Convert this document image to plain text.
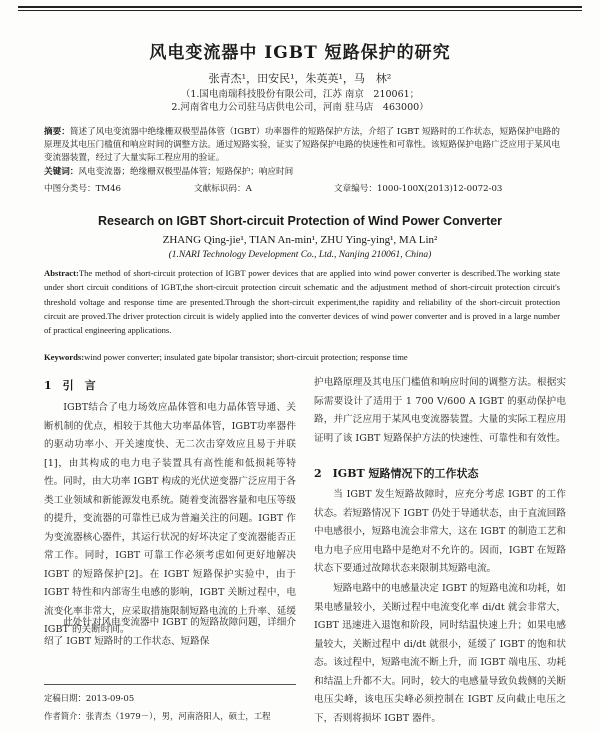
风电变流器中 IGBT 短路保护的研究
张青杰¹，田安民¹，朱英英¹，马　林²
（1.国电南瑞科技股份有限公司，江苏 南京　210061；
2.河南省电力公司驻马店供电公司，河南 驻马店　463000）
摘要：简述了风电变流器中绝缘栅双极型晶体管（IGBT）功率器件的短路保护方法，介绍了 IGBT 短路时的工作状态，短路保护电路的原理及其电压门槛值和响应时间的调整方法。通过短路实验，证实了短路保护电路的快速性和可靠性。该短路保护电路广泛应用于某风电变流器装置，经过了大量实际工程应用的验证。
关键词：风电变流器；绝缘栅双极型晶体管；短路保护；响应时间
中图分类号：TM46	文献标识码：A	文章编号：1000-100X(2013)12-0072-03
Research on IGBT Short-circuit Protection of Wind Power Converter
ZHANG Qing-jie¹, TIAN An-min¹, ZHU Ying-ying¹, MA Lin²
(1.NARI Technology Development Co., Ltd., Nanjing 210061, China)
Abstract:The method of short-circuit protection of IGBT power devices that are applied into wind power converter is described.The working state under short circuit conditions of IGBT,the short-circuit protection circuit schematic and the adjustment method of short-circuit protection circuit's threshold voltage and response time are presented.Through the short-circuit experiment,the rapidity and reliability of the short-circuit protection circuit are proved.The driver protection circuit is widely applied into the converter devices of wind power converter and is proved in a large number of practical engineering applications.
Keywords:wind power converter; insulated gate bipolar transistor; short-circuit protection; response time
1　引　言
IGBT结合了电力场效应晶体管和电力晶体管导通、关断机制的优点，相较于其他大功率晶体管，IGBT功率器件的驱动功率小、开关速度快、无二次击穿效应且易于并联[1]，由其构成的电力电子装置具有高性能和低损耗等特性。同时，由大功率 IGBT 构成的光伏逆变器广泛应用于各类工业领域和新能源发电系统。随着变流器容量和电压等级的提升，变流器的可靠性已成为普遍关注的问题。IGBT 作为变流器核心器件，其运行状况的好坏决定了变流器能否正常工作。同时，IGBT 可靠工作必须考虑如何更好地解决 IGBT 的短路保护[2]。在 IGBT 短路保护实验中，由于 IGBT 特性和内部寄生电感的影响，IGBT 关断过程中，电流变化率非常大，应采取措施限制短路电流的上升率、延缓 IGBT 的关断时间。
此处针对风电变流器中 IGBT 的短路故障问题，详细介绍了 IGBT 短路时的工作状态、短路保
护电路原理及其电压门槛值和响应时间的调整方法。根据实际需要设计了适用于 1 700 V/600 A IGBT 的驱动保护电路，并广泛应用于某风电变流器装置。大量的实际工程应用证明了该 IGBT 短路保护方法的快速性、可靠性和有效性。
2　IGBT 短路情况下的工作状态
当 IGBT 发生短路故障时，应充分考虑 IGBT 的工作状态。若短路情况下 IGBT 仍处于导通状态，由于直流回路中电感很小，短路电流会非常大，这在 IGBT 的制造工艺和电力电子应用电路中是绝对不允许的。因而，IGBT 在短路状态下要通过故障状态来限制其短路电流。
短路电路中的电感量决定 IGBT 的短路电流和功耗，如果电感量较小，关断过程中电流变化率 di/dt 就会非常大，IGBT 迅速进入退饱和阶段，同时结温快速上升；如果电感量较大，关断过程中 di/dt 就很小，延缓了 IGBT 的饱和状态。该过程中，短路电流不断上升，而 IGBT 端电压、功耗和结温上升都不大。同时，较大的电感量导致负载侧的关断电压尖峰，该电压尖峰必须控制在 IGBT 反向截止电压之下，否则将损坏 IGBT 器件。
定稿日期：2013-09-05
作者简介：张青杰（1979－），男，河南洛阳人，硕士，工程
